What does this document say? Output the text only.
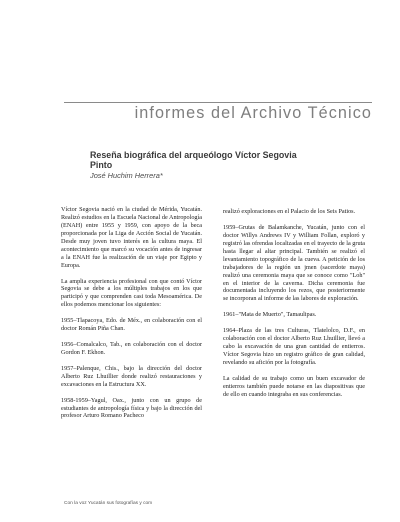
informes del Archivo Técnico
Reseña biográfica del arqueólogo Víctor Segovia Pinto
José Huchim Herrera*

Víctor Segovia nació en la ciudad de Mérida, Yucatán. Realizó estudios en la Escuela Nacional de Antropología (ENAH) entre 1955 y 1959, con apoyo de la beca proporcionada por la Liga de Acción Social de Yucatán. Desde muy joven tuvo interés en la cultura maya. El acontecimiento que marcó su vocación antes de ingresar a la ENAH fue la realización de un viaje por Egipto y Europa.

La amplia experiencia profesional con que contó Víctor Segovia se debe a los múltiples trabajos en los que participó y que comprenden casi toda Mesoamérica. De ellos podemos mencionar los siguientes:

1955–Tlapacoya, Edo. de Méx., en colaboración con el doctor Román Piña Chan.

1956–Comalcalco, Tab., en colaboración con el doctor Gordon F. Ekhon.

1957–Palenque, Chis., bajo la dirección del doctor Alberto Ruz Lhuillier donde realizó restauraciones y excavaciones en la Estructura XX.

1958-1959–Yagul, Oax., junto con un grupo de estudiantes de antropología física y bajo la dirección del profesor Arturo Romano Pacheco

realizó exploraciones en el Palacio de los Seis Patios.

1959–Grutas de Balamkanche, Yucatán, junto con el doctor Willys Andrews IV y William Follan, exploró y registró las ofrendas localizadas en el trayecto de la gruta hasta llegar al altar principal. También se realizó el levantamiento topográfico de la cueva. A petición de los trabajadores de la región un jmen (sacerdote maya) realizó una ceremonia maya que se conoce como "Loh" en el interior de la caverna. Dicha ceremonia fue documentada incluyendo los rezos, que posteriormente se incorporan al informe de las labores de exploración.

1961–"Mata de Muerto", Tamaulipas.

1964–Plaza de las tres Culturas, Tlatelolco, D.F., en colaboración con el doctor Alberto Ruz Lhuillier, llevó a cabo la excavación de una gran cantidad de entierros. Víctor Segovia hizo un registro gráfico de gran calidad, revelando su afición por la fotografía.

La calidad de su trabajo como un buen excavador de entierros también puede notarse en las diapositivas que de ello en cuando integraba en sus conferencias.

Con la voz Yucatán sus fotografías y com
